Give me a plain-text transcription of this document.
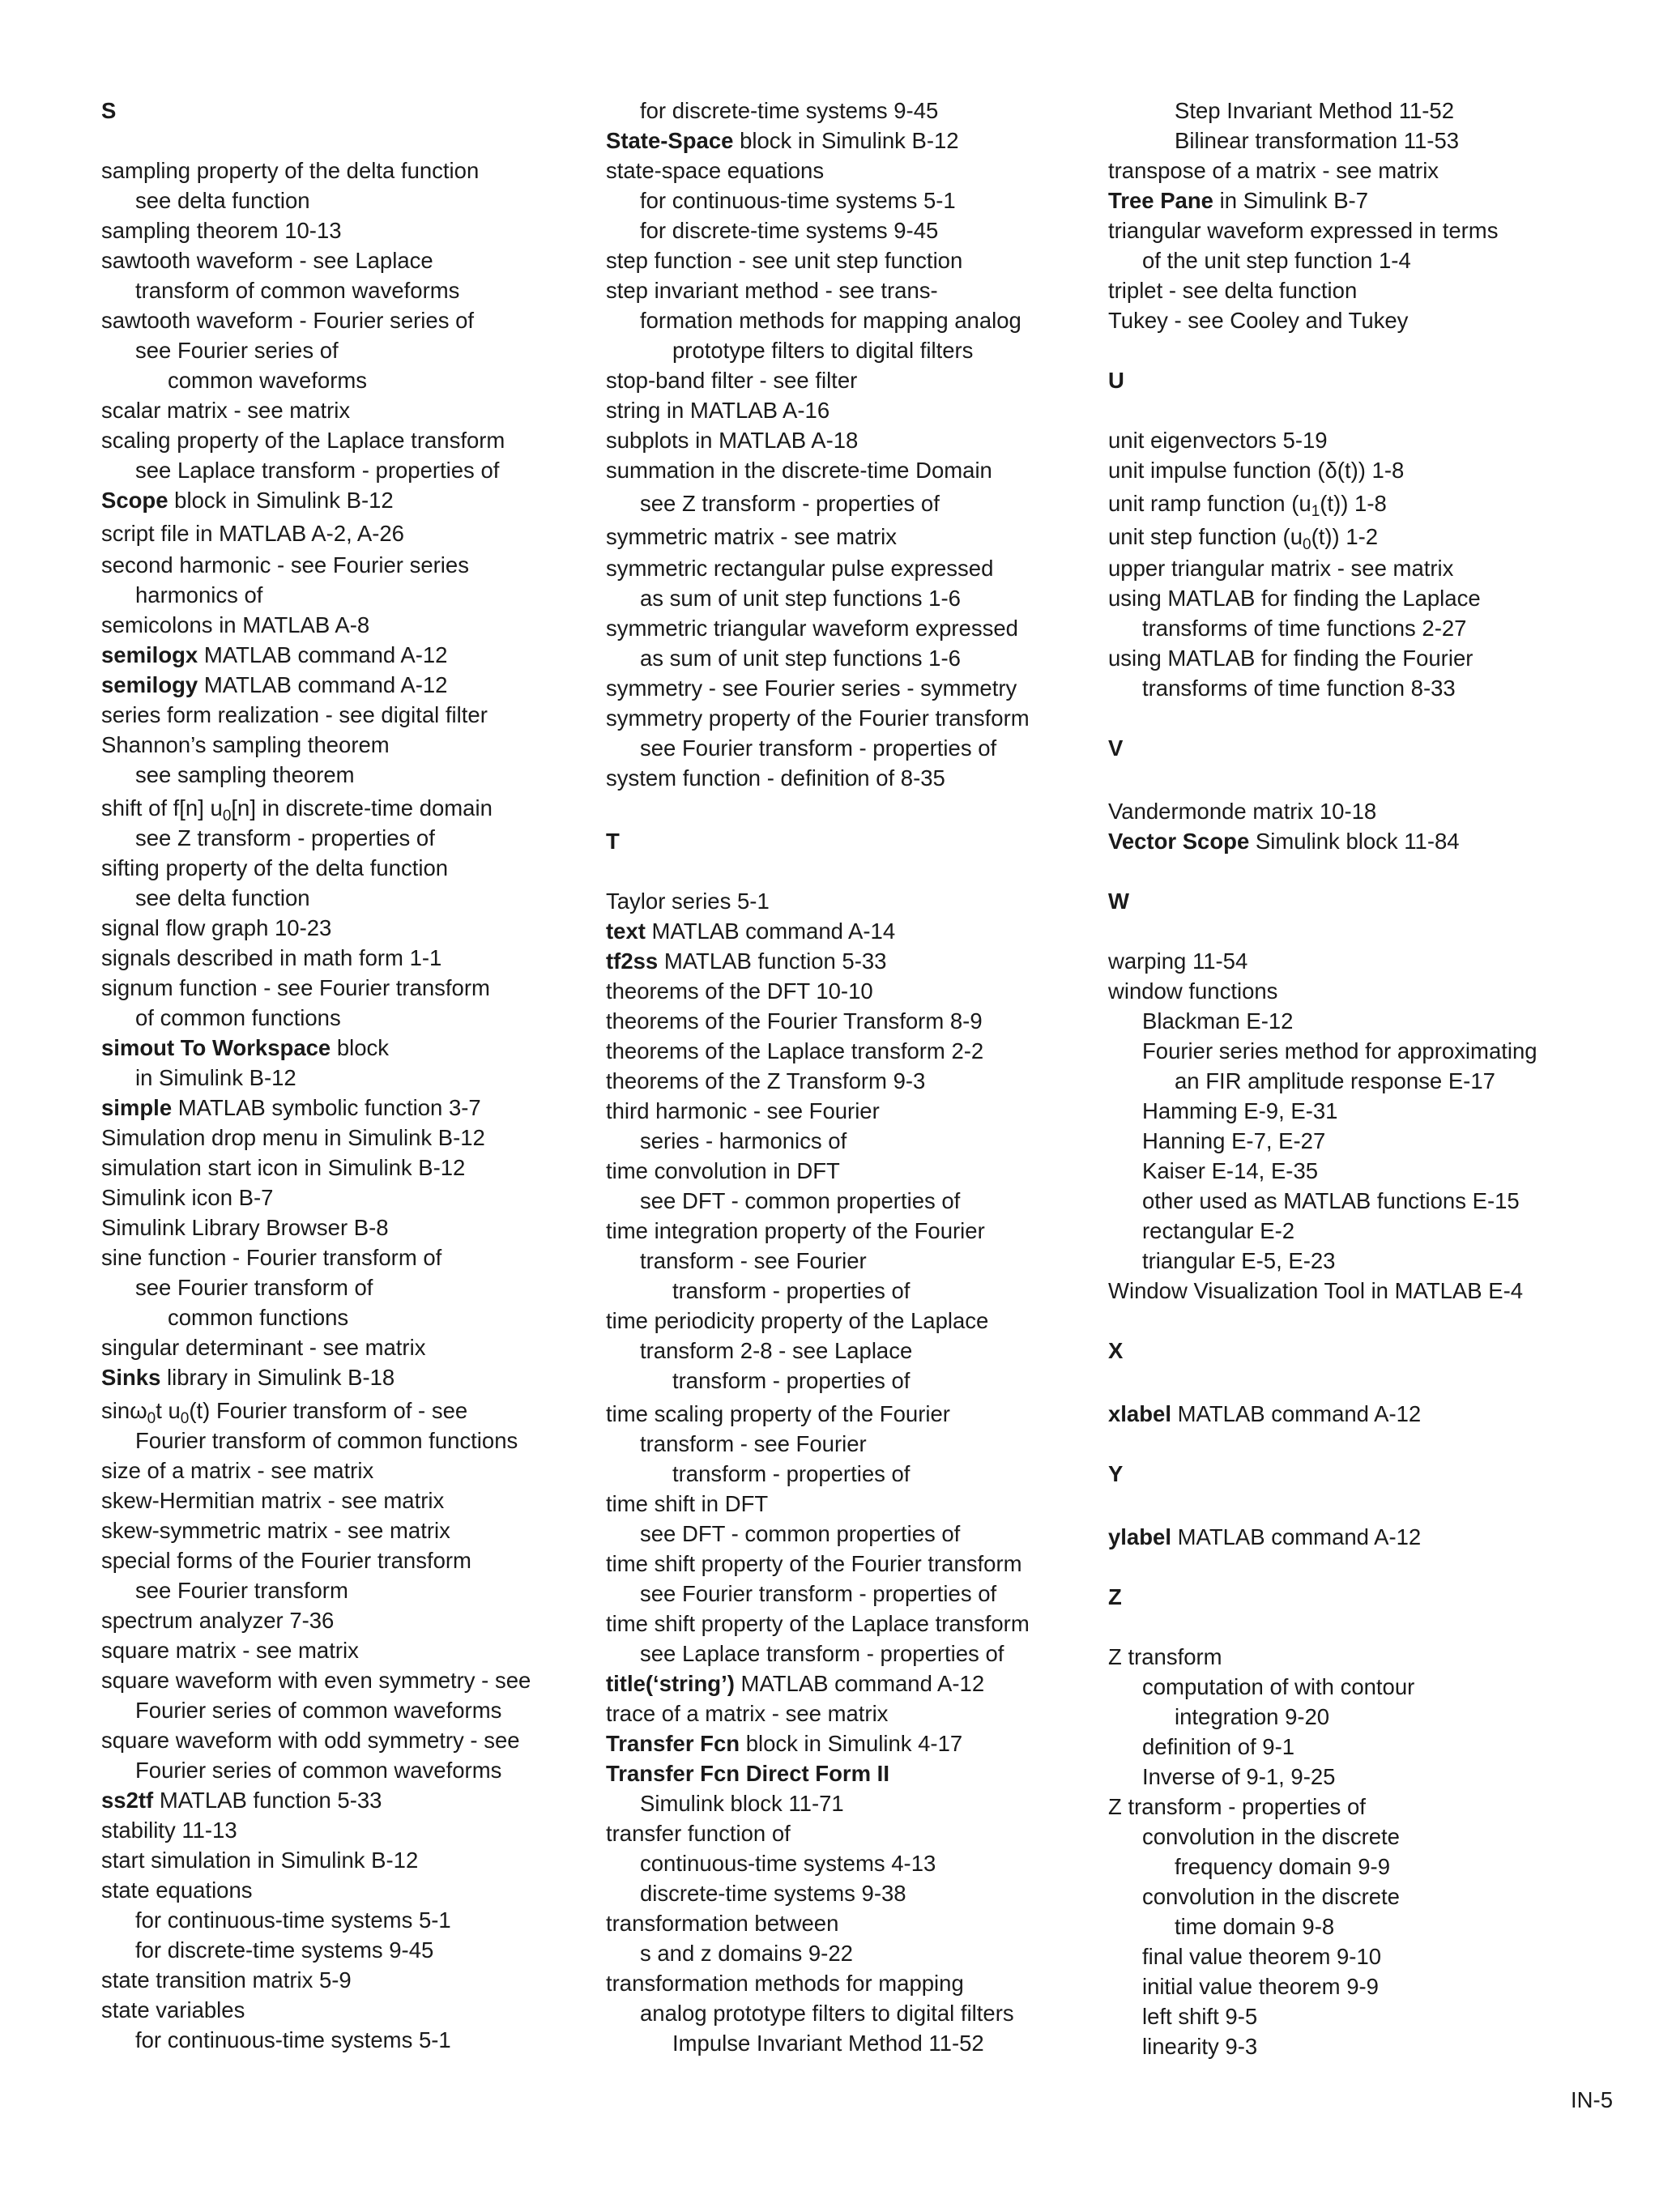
S
sampling property of the delta function
see delta function
sampling theorem 10-13
sawtooth waveform - see Laplace
transform of common waveforms
sawtooth waveform - Fourier series of
see Fourier series of
common waveforms
scalar matrix - see matrix
scaling property of the Laplace transform
see Laplace transform - properties of
Scope block in Simulink B-12
script file in MATLAB A-2, A-26
second harmonic - see Fourier series
harmonics of
semicolons in MATLAB A-8
semilogx MATLAB command A-12
semilogy MATLAB command A-12
series form realization - see digital filter
Shannon’s sampling theorem
see sampling theorem
shift of f[n] $u_0[n]$ in discrete-time domain
see Z transform - properties of
sifting property of the delta function
see delta function
signal flow graph 10-23
signals described in math form 1-1
signum function - see Fourier transform
of common functions
simout To Workspace block
in Simulink B-12
simple MATLAB symbolic function 3-7
Simulation drop menu in Simulink B-12
simulation start icon in Simulink B-12
Simulink icon B-7
Simulink Library Browser B-8
sine function - Fourier transform of
see Fourier transform of
common functions
singular determinant - see matrix
Sinks library in Simulink B-18
sinω$_0$t $u_0(t)$ Fourier transform of - see
Fourier transform of common functions
size of a matrix - see matrix
skew-Hermitian matrix - see matrix
skew-symmetric matrix - see matrix
special forms of the Fourier transform
see Fourier transform
spectrum analyzer 7-36
square matrix - see matrix
square waveform with even symmetry - see
Fourier series of common waveforms
square waveform with odd symmetry - see
Fourier series of common waveforms
ss2tf MATLAB function 5-33
stability 11-13
start simulation in Simulink B-12
state equations
for continuous-time systems 5-1
for discrete-time systems 9-45
state transition matrix 5-9
state variables
for continuous-time systems 5-1
for discrete-time systems 9-45
State-Space block in Simulink B-12
state-space equations
for continuous-time systems 5-1
for discrete-time systems 9-45
step function - see unit step function
step invariant method - see trans-
formation methods for mapping analog
prototype filters to digital filters
stop-band filter - see filter
string in MATLAB A-16
subplots in MATLAB A-18
summation in the discrete-time Domain
see Z transform - properties of
symmetric matrix - see matrix
symmetric rectangular pulse expressed
as sum of unit step functions 1-6
symmetric triangular waveform expressed
as sum of unit step functions 1-6
symmetry - see Fourier series - symmetry
symmetry property of the Fourier transform
see Fourier transform - properties of
system function - definition of 8-35
T
Taylor series 5-1
text MATLAB command A-14
tf2ss MATLAB function 5-33
theorems of the DFT 10-10
theorems of the Fourier Transform 8-9
theorems of the Laplace transform 2-2
theorems of the Z Transform 9-3
third harmonic - see Fourier
series - harmonics of
time convolution in DFT
see DFT - common properties of
time integration property of the Fourier
transform - see Fourier
transform - properties of
time periodicity property of the Laplace
transform 2-8 - see Laplace
transform - properties of
time scaling property of the Fourier
transform - see Fourier
transform - properties of
time shift in DFT
see DFT - common properties of
time shift property of the Fourier transform
see Fourier transform - properties of
time shift property of the Laplace transform
see Laplace transform - properties of
title(‘string’) MATLAB command A-12
trace of a matrix - see matrix
Transfer Fcn block in Simulink 4-17
Transfer Fcn Direct Form II
Simulink block 11-71
transfer function of
continuous-time systems 4-13
discrete-time systems 9-38
transformation between
s and z domains 9-22
transformation methods for mapping
analog prototype filters to digital filters
Impulse Invariant Method 11-52
Step Invariant Method 11-52
Bilinear transformation 11-53
transpose of a matrix - see matrix
Tree Pane in Simulink B-7
triangular waveform expressed in terms
of the unit step function 1-4
triplet - see delta function
Tukey - see Cooley and Tukey
U
unit eigenvectors 5-19
unit impulse function (δ(t)) 1-8
unit ramp function $(u_1(t))$ 1-8
unit step function $(u_0(t))$ 1-2
upper triangular matrix - see matrix
using MATLAB for finding the Laplace
transforms of time functions 2-27
using MATLAB for finding the Fourier
transforms of time function 8-33
V
Vandermonde matrix 10-18
Vector Scope Simulink block 11-84
W
warping 11-54
window functions
Blackman E-12
Fourier series method for approximating
an FIR amplitude response E-17
Hamming E-9, E-31
Hanning E-7, E-27
Kaiser E-14, E-35
other used as MATLAB functions E-15
rectangular E-2
triangular E-5, E-23
Window Visualization Tool in MATLAB E-4
X
xlabel MATLAB command A-12
Y
ylabel MATLAB command A-12
Z
Z transform
computation of with contour
integration 9-20
definition of 9-1
Inverse of 9-1, 9-25
Z transform - properties of
convolution in the discrete
frequency domain 9-9
convolution in the discrete
time domain 9-8
final value theorem 9-10
initial value theorem 9-9
left shift 9-5
linearity 9-3
IN-5
